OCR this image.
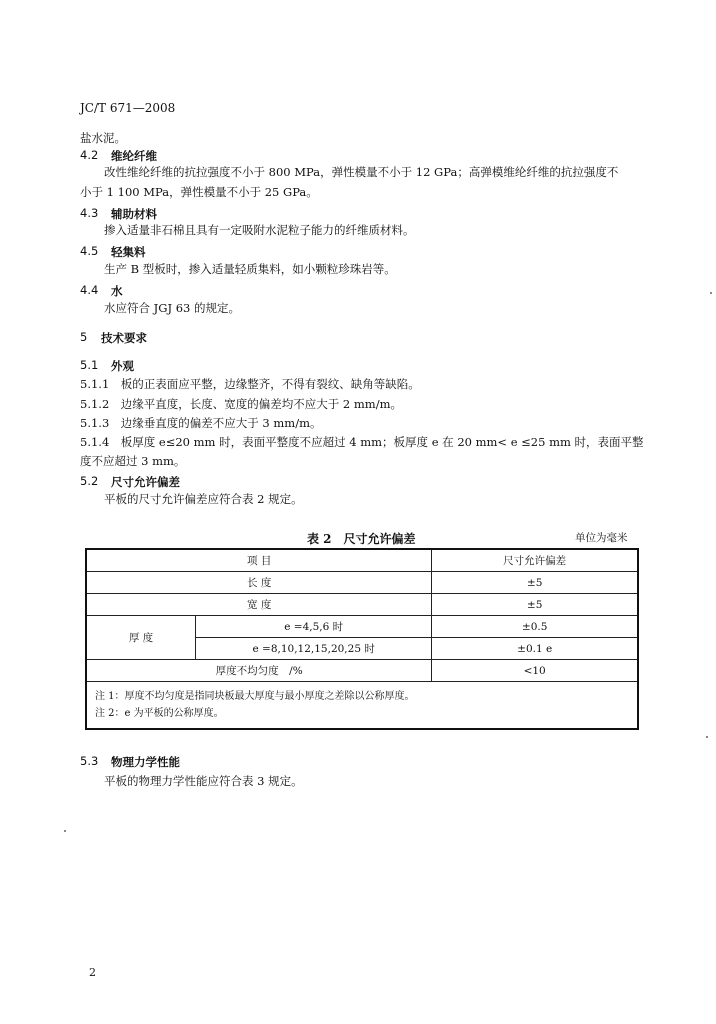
JC/T 671—2008
盐水泥。
4.2 维纶纤维
改性维纶纤维的抗拉强度不小于 800 MPa，弹性模量不小于 12 GPa；高弹模维纶纤维的抗拉强度不
小于 1 100 MPa，弹性模量不小于 25 GPa。
4.3 辅助材料
掺入适量非石棉且具有一定吸附水泥粒子能力的纤维质材料。
4.5 轻集料
生产 B 型板时，掺入适量轻质集料，如小颗粒珍珠岩等。
4.4 水
水应符合 JGJ 63 的规定。
5 技术要求
5.1 外观
5.1.1　板的正表面应平整，边缘整齐，不得有裂纹、缺角等缺陷。
5.1.2　边缘平直度，长度、宽度的偏差均不应大于 2 mm/m。
5.1.3　边缘垂直度的偏差不应大于 3 mm/m。
5.1.4　板厚度 e≤20 mm 时，表面平整度不应超过 4 mm；板厚度 e 在 20 mm< e ≤25 mm 时，表面平整
度不应超过 3 mm。
5.2 尺寸允许偏差
平板的尺寸允许偏差应符合表 2 规定。
表 2　尺寸允许偏差	单位为毫米
项 目		尺寸允许偏差
长 度		±5
宽 度		±5
厚 度	e =4,5,6 时	±0.5
	e =8,10,12,15,20,25 时	±0.1 e
厚度不均匀度　/%		<10

注 1：厚度不均匀度是指同块板最大厚度与最小厚度之差除以公称厚度。
注 2：e 为平板的公称厚度。		
5.3 物理力学性能
平板的物理力学性能应符合表 3 规定。
2
